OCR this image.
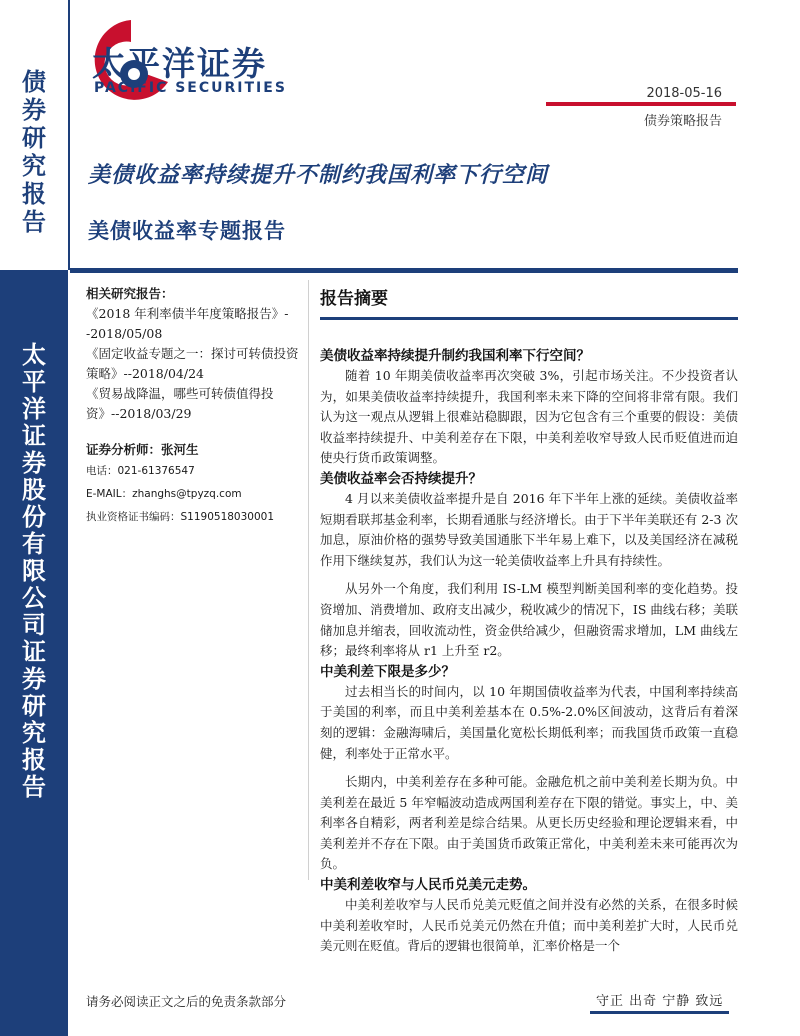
债券研究报告
太平洋证券股份有限公司证券研究报告
太平洋证券
PACIFIC SECURITIES	2018-05-16
债券策略报告
美债收益率持续提升不制约我国利率下行空间
美债收益率专题报告

相关研究报告：

《2018 年利率债半年度策略报告》--2018/05/08

《固定收益专题之一：探讨可转债投资策略》--2018/04/24

《贸易战降温，哪些可转债值得投资》--2018/03/29

证券分析师：张河生

电话：021-61376547

E-MAIL：zhanghs@tpyzq.com

执业资格证书编码：S1190518030001

报告摘要

美债收益率持续提升制约我国利率下行空间？

随着 10 年期美债收益率再次突破 3%，引起市场关注。不少投资者认为，如果美债收益率持续提升，我国利率未来下降的空间将非常有限。我们认为这一观点从逻辑上很难站稳脚跟，因为它包含有三个重要的假设：美债收益率持续提升、中美利差存在下限，中美利差收窄导致人民币贬值进而迫使央行货币政策调整。

美债收益率会否持续提升？

4 月以来美债收益率提升是自 2016 年下半年上涨的延续。美债收益率短期看联邦基金利率，长期看通胀与经济增长。由于下半年美联还有 2-3 次加息，原油价格的强势导致美国通胀下半年易上难下，以及美国经济在减税作用下继续复苏，我们认为这一轮美债收益率上升具有持续性。

从另外一个角度，我们利用 IS-LM 模型判断美国利率的变化趋势。投资增加、消费增加、政府支出减少，税收减少的情况下，IS 曲线右移；美联储加息并缩表，回收流动性，资金供给减少，但融资需求增加，LM 曲线左移；最终利率将从 r1 上升至 r2。

中美利差下限是多少？

过去相当长的时间内，以 10 年期国债收益率为代表，中国利率持续高于美国的利率，而且中美利差基本在 0.5%-2.0%区间波动，这背后有着深刻的逻辑：金融海啸后，美国量化宽松长期低利率；而我国货币政策一直稳健，利率处于正常水平。

长期内，中美利差存在多种可能。金融危机之前中美利差长期为负。中美利差在最近 5 年窄幅波动造成两国利差存在下限的错觉。事实上，中、美利率各自精彩，两者利差是综合结果。从更长历史经验和理论逻辑来看，中美利差并不存在下限。由于美国货币政策正常化，中美利差未来可能再次为负。

中美利差收窄与人民币兑美元走势。

中美利差收窄与人民币兑美元贬值之间并没有必然的关系，在很多时候中美利差收窄时，人民币兑美元仍然在升值；而中美利差扩大时，人民币兑美元则在贬值。背后的逻辑也很简单，汇率价格是一个

请务必阅读正文之后的免责条款部分	守正 出奇 宁静 致远
